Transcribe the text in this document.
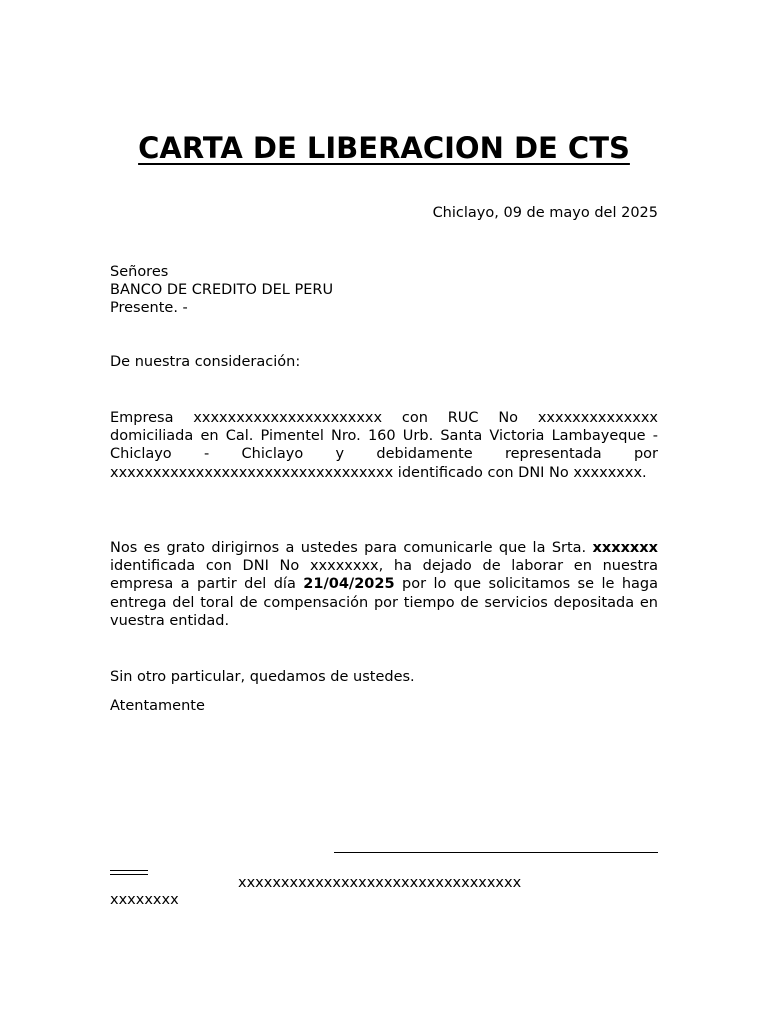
CARTA DE LIBERACION DE CTS
Chiclayo, 09 de mayo del 2025
Señores
BANCO DE CREDITO DEL PERU
Presente. -
De nuestra consideración:
Empresa xxxxxxxxxxxxxxxxxxxxxx con RUC No xxxxxxxxxxxxxx domiciliada en Cal. Pimentel Nro. 160 Urb. Santa Victoria Lambayeque - Chiclayo - Chiclayo y debidamente representada por xxxxxxxxxxxxxxxxxxxxxxxxxxxxxxxxx identificado con DNI No xxxxxxxx.
Nos es grato dirigirnos a ustedes para comunicarle que la Srta. xxxxxxx identificada con DNI No xxxxxxxx, ha dejado de laborar en nuestra empresa a partir del día 21/04/2025 por lo que solicitamos se le haga entrega del toral de compensación por tiempo de servicios depositada en vuestra entidad.
Sin otro particular, quedamos de ustedes.
Atentamente
xxxxxxxxxxxxxxxxxxxxxxxxxxxxxxxxx
xxxxxxxx
